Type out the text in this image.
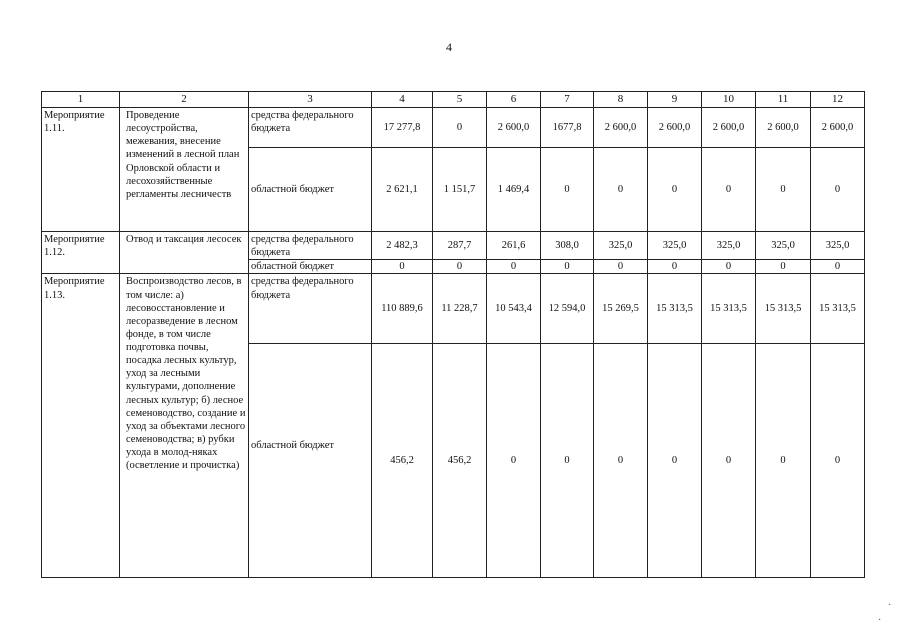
4
1	2	3	4	5	6	7	8	9	10	11	12
Мероприятие 1.11.	Проведение лесоустройства, межевания, внесение изменений в лесной план Орловской области и лесохозяйственные регламенты лесничеств	средства федерального бюджета	17 277,8	0	2 600,0	1677,8	2 600,0	2 600,0	2 600,0	2 600,0	2 600,0
		областной бюджет	2 621,1	1 151,7	1 469,4	0	0	0	0	0	0
Мероприятие 1.12.	Отвод и таксация лесосек	средства федерального бюджета	2 482,3	287,7	261,6	308,0	325,0	325,0	325,0	325,0	325,0
		областной бюджет	0	0	0	0	0	0	0	0	0
Мероприятие 1.13.	Воспроизводство лесов, в том числе: а) лесовосстановление и лесоразведение в лесном фонде, в том числе подготовка почвы, посадка лесных культур, уход за лесными культурами, дополнение лесных культур; б) лесное семеноводство, создание и уход за объектами лесного семеноводства; в) рубки ухода в молод-няках (осветление и прочистка)	средства федерального бюджета	110 889,6	11 228,7	10 543,4	12 594,0	15 269,5	15 313,5	15 313,5	15 313,5	15 313,5
		областной бюджет	456,2	456,2	0	0	0	0	0	0	0
·
·
